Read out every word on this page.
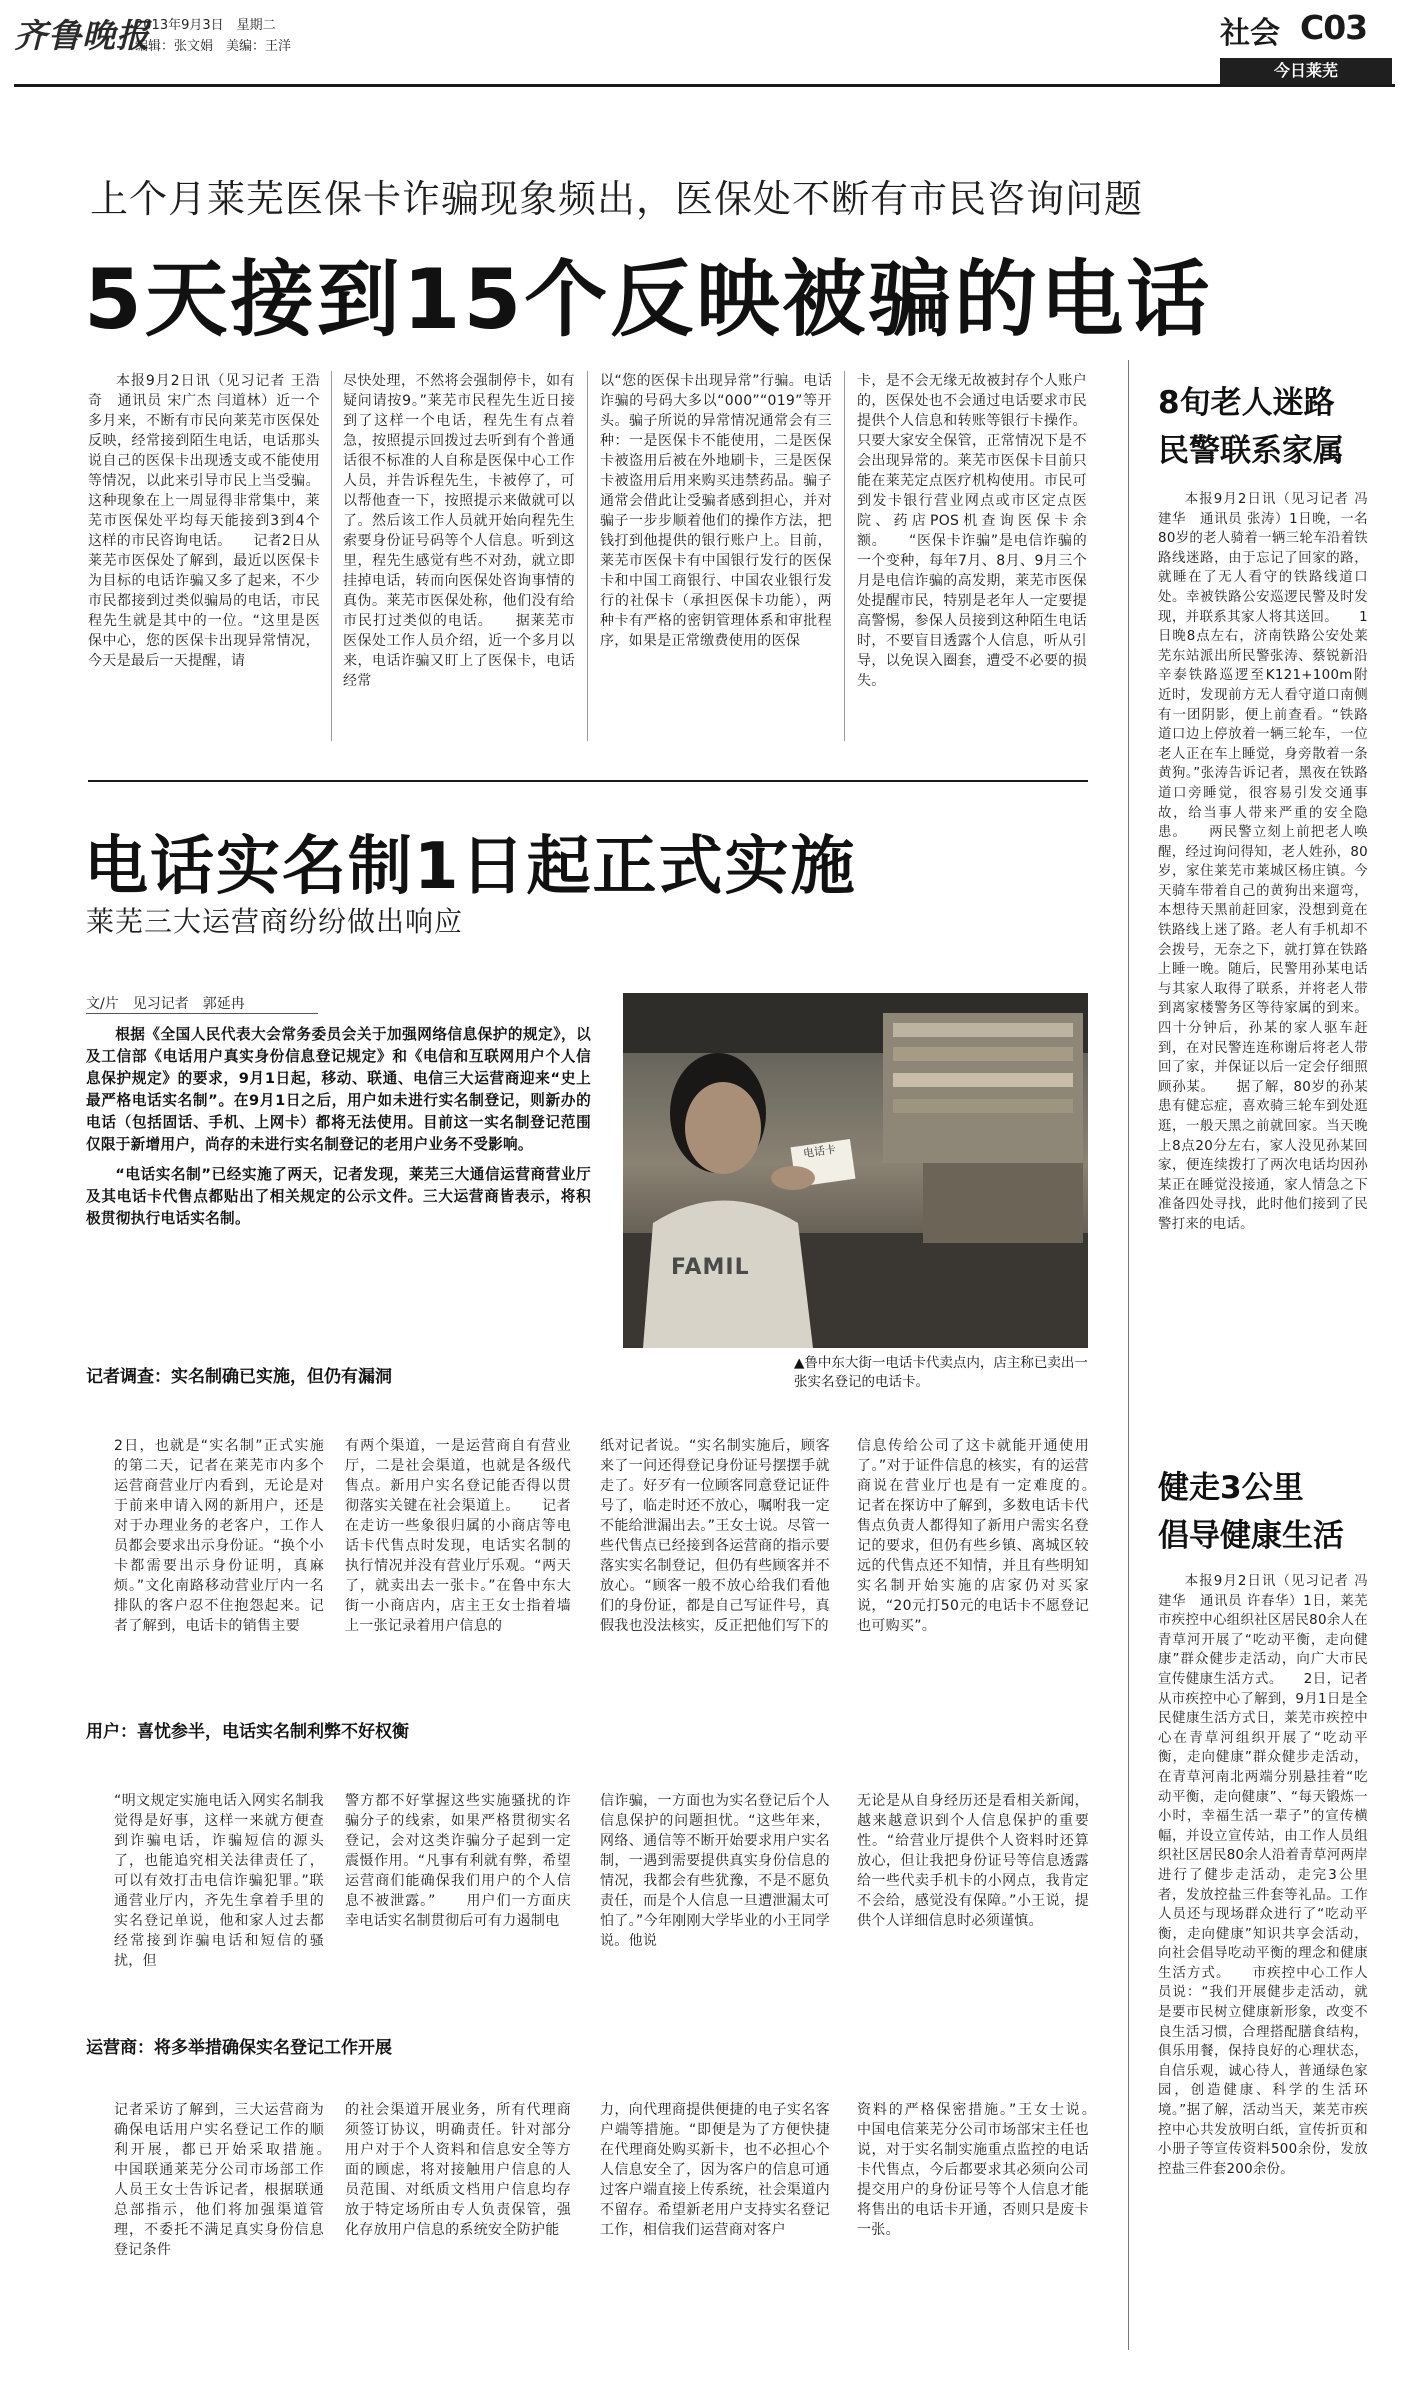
齐鲁晚报
2013年9月3日　星期二
编辑：张文娟　美编：王洋	社会 C03
今日莱芜
上个月莱芜医保卡诈骗现象频出，医保处不断有市民咨询问题
5天接到15个反映被骗的电话
本报9月2日讯（见习记者 王浩奇　通讯员 宋广杰 闫道林）近一个多月来，不断有市民向莱芜市医保处反映，经常接到陌生电话，电话那头说自己的医保卡出现透支或不能使用等情况，以此来引导市民上当受骗。这种现象在上一周显得非常集中，莱芜市医保处平均每天能接到3到4个这样的市民咨询电话。　　记者2日从莱芜市医保处了解到，最近以医保卡为目标的电话诈骗又多了起来，不少市民都接到过类似骗局的电话，市民程先生就是其中的一位。“这里是医保中心，您的医保卡出现异常情况，今天是最后一天提醒，请
尽快处理，不然将会强制停卡，如有疑问请按9。”莱芜市民程先生近日接到了这样一个电话，程先生有点着急，按照提示回拨过去听到有个普通话很不标准的人自称是医保中心工作人员，并告诉程先生，卡被停了，可以帮他查一下，按照提示来做就可以了。然后该工作人员就开始向程先生索要身份证号码等个人信息。听到这里，程先生感觉有些不对劲，就立即挂掉电话，转而向医保处咨询事情的真伪。莱芜市医保处称，他们没有给市民打过类似的电话。　　据莱芜市医保处工作人员介绍，近一个多月以来，电话诈骗又盯上了医保卡，电话经常
以“您的医保卡出现异常”行骗。电话诈骗的号码大多以“000”“019”等开头。骗子所说的异常情况通常会有三种：一是医保卡不能使用，二是医保卡被盗用后被在外地刷卡，三是医保卡被盗用后用来购买违禁药品。骗子通常会借此让受骗者感到担心，并对骗子一步步顺着他们的操作方法，把钱打到他提供的银行账户上。目前，莱芜市医保卡有中国银行发行的医保卡和中国工商银行、中国农业银行发行的社保卡（承担医保卡功能），两种卡有严格的密钥管理体系和审批程序，如果是正常缴费使用的医保
卡，是不会无缘无故被封存个人账户的，医保处也不会通过电话要求市民提供个人信息和转账等银行卡操作。只要大家安全保管，正常情况下是不会出现异常的。莱芜市医保卡目前只能在莱芜定点医疗机构使用。市民可到发卡银行营业网点或市区定点医院、药店POS机查询医保卡余额。　　“医保卡诈骗”是电信诈骗的一个变种，每年7月、8月、9月三个月是电信诈骗的高发期，莱芜市医保处提醒市民，特别是老年人一定要提高警惕，参保人员接到这种陌生电话时，不要盲目透露个人信息，听从引导，以免误入圈套，遭受不必要的损失。
电话实名制1日起正式实施
莱芜三大运营商纷纷做出响应
文/片　见习记者　郭延冉

根据《全国人民代表大会常务委员会关于加强网络信息保护的规定》，以及工信部《电话用户真实身份信息登记规定》和《电信和互联网用户个人信息保护规定》的要求，9月1日起，移动、联通、电信三大运营商迎来“史上最严格电话实名制”。在9月1日之后，用户如未进行实名制登记，则新办的电话（包括固话、手机、上网卡）都将无法使用。目前这一实名制登记范围仅限于新增用户，尚存的未进行实名制登记的老用户业务不受影响。

“电话实名制”已经实施了两天，记者发现，莱芜三大通信运营商营业厅及其电话卡代售点都贴出了相关规定的公示文件。三大运营商皆表示，将积极贯彻执行电话实名制。

电话卡
FAMIL
▲鲁中东大街一电话卡代卖点内，店主称已卖出一张实名登记的电话卡。
记者调查：实名制确已实施，但仍有漏洞
2日，也就是“实名制”正式实施的第二天，记者在莱芜市内多个运营商营业厅内看到，无论是对于前来申请入网的新用户，还是对于办理业务的老客户，工作人员都会要求出示身份证。“换个小卡都需要出示身份证明，真麻烦。”文化南路移动营业厅内一名排队的客户忍不住抱怨起来。记者了解到，电话卡的销售主要
有两个渠道，一是运营商自有营业厅，二是社会渠道，也就是各级代售点。新用户实名登记能否得以贯彻落实关键在社会渠道上。　　记者在走访一些象很归属的小商店等电话卡代售点时发现，电话实名制的执行情况并没有营业厅乐观。“两天了，就卖出去一张卡。”在鲁中东大街一小商店内，店主王女士指着墙上一张记录着用户信息的
纸对记者说。“实名制实施后，顾客来了一问还得登记身份证号摆摆手就走了。好歹有一位顾客同意登记证件号了，临走时还不放心，嘱咐我一定不能给泄漏出去。”王女士说。尽管一些代售点已经接到各运营商的指示要落实实名制登记，但仍有些顾客并不放心。“顾客一般不放心给我们看他们的身份证，都是自己写证件号，真假我也没法核实，反正把他们写下的
信息传给公司了这卡就能开通使用了。”对于证件信息的核实，有的运营商说在营业厅也是有一定难度的。　　记者在探访中了解到，多数电话卡代售点负责人都得知了新用户需实名登记的要求，但仍有些乡镇、离城区较远的代售点还不知情，并且有些明知实名制开始实施的店家仍对买家说，“20元打50元的电话卡不愿登记也可购买”。
用户：喜忧参半，电话实名制利弊不好权衡
“明文规定实施电话入网实名制我觉得是好事，这样一来就方便查到诈骗电话，诈骗短信的源头了，也能追究相关法律责任了，可以有效打击电信诈骗犯罪。”联通营业厅内，齐先生拿着手里的实名登记单说，他和家人过去都经常接到诈骗电话和短信的骚扰，但
警方都不好掌握这些实施骚扰的诈骗分子的线索，如果严格贯彻实名登记，会对这类诈骗分子起到一定震慑作用。“凡事有利就有弊，希望运营商们能确保我们用户的个人信息不被泄露。”　　用户们一方面庆幸电话实名制贯彻后可有力遏制电
信诈骗，一方面也为实名登记后个人信息保护的问题担忧。“这些年来，网络、通信等不断开始要求用户实名制，一遇到需要提供真实身份信息的情况，我都会有些犹豫，不是不愿负责任，而是个人信息一旦遭泄漏太可怕了。”今年刚刚大学毕业的小王同学说。他说
无论是从自身经历还是看相关新闻，越来越意识到个人信息保护的重要性。“给营业厅提供个人资料时还算放心，但让我把身份证号等信息透露给一些代卖手机卡的小网点，我肯定不会给，感觉没有保障。”小王说，提供个人详细信息时必须谨慎。
运营商：将多举措确保实名登记工作开展
记者采访了解到，三大运营商为确保电话用户实名登记工作的顺利开展，都已开始采取措施。　　中国联通莱芜分公司市场部工作人员王女士告诉记者，根据联通总部指示，他们将加强渠道管理，不委托不满足真实身份信息登记条件
的社会渠道开展业务，所有代理商须签订协议，明确责任。针对部分用户对于个人资料和信息安全等方面的顾虑，将对接触用户信息的人员范围、对纸质文档用户信息均存放于特定场所由专人负责保管，强化存放用户信息的系统安全防护能
力，向代理商提供便捷的电子实名客户端等措施。“即便是为了方便快捷在代理商处购买新卡，也不必担心个人信息安全了，因为客户的信息可通过客户端直接上传系统，社会渠道内不留存。希望新老用户支持实名登记工作，相信我们运营商对客户
资料的严格保密措施。”王女士说。　　中国电信莱芜分公司市场部宋主任也说，对于实名制实施重点监控的电话卡代售点，今后都要求其必须向公司提交用户的身份证号等个人信息才能将售出的电话卡开通，否则只是废卡一张。
8旬老人迷路
民警联系家属
本报9月2日讯（见习记者 冯建华　通讯员 张涛）1日晚，一名80岁的老人骑着一辆三轮车沿着铁路线迷路，由于忘记了回家的路，就睡在了无人看守的铁路线道口处。幸被铁路公安巡逻民警及时发现，并联系其家人将其送回。　　1日晚8点左右，济南铁路公安处莱芜东站派出所民警张涛、蔡锐新沿辛泰铁路巡逻至K121+100m附近时，发现前方无人看守道口南侧有一团阴影，便上前查看。“铁路道口边上停放着一辆三轮车，一位老人正在车上睡觉，身旁散着一条黄狗。”张涛告诉记者，黑夜在铁路道口旁睡觉，很容易引发交通事故，给当事人带来严重的安全隐患。　　两民警立刻上前把老人唤醒，经过询问得知，老人姓孙，80岁，家住莱芜市莱城区杨庄镇。今天骑车带着自己的黄狗出来遛弯，本想待天黑前赶回家，没想到竟在铁路线上迷了路。老人有手机却不会拨号，无奈之下，就打算在铁路上睡一晚。随后，民警用孙某电话与其家人取得了联系，并将老人带到离家楼警务区等待家属的到来。四十分钟后，孙某的家人驱车赶到，在对民警连连称谢后将老人带回了家，并保证以后一定会仔细照顾孙某。　　据了解，80岁的孙某患有健忘症，喜欢骑三轮车到处逛逛，一般天黑之前就回家。当天晚上8点20分左右，家人没见孙某回家，便连续拨打了两次电话均因孙某正在睡觉没接通，家人情急之下准备四处寻找，此时他们接到了民警打来的电话。
健走3公里
倡导健康生活
本报9月2日讯（见习记者 冯建华　通讯员 许春华）1日，莱芜市疾控中心组织社区居民80余人在青草河开展了“吃动平衡，走向健康”群众健步走活动，向广大市民宣传健康生活方式。　　2日，记者从市疾控中心了解到，9月1日是全民健康生活方式日，莱芜市疾控中心在青草河组织开展了“吃动平衡，走向健康”群众健步走活动，在青草河南北两端分别悬挂着“吃动平衡，走向健康”、“每天锻炼一小时，幸福生活一辈子”的宣传横幅，并设立宣传站，由工作人员组织社区居民80余人沿着青草河两岸进行了健步走活动，走完3公里者，发放控盐三件套等礼品。工作人员还与现场群众进行了“吃动平衡，走向健康”知识共享会活动，向社会倡导吃动平衡的理念和健康生活方式。　　市疾控中心工作人员说：“我们开展健步走活动，就是要市民树立健康新形象，改变不良生活习惯，合理搭配膳食结构，俱乐用餐，保持良好的心理状态，自信乐观，诚心待人，普通绿色家园，创造健康、科学的生活环境。”据了解，活动当天，莱芜市疾控中心共发放明白纸，宣传折页和小册子等宣传资料500余份，发放控盐三件套200余份。
